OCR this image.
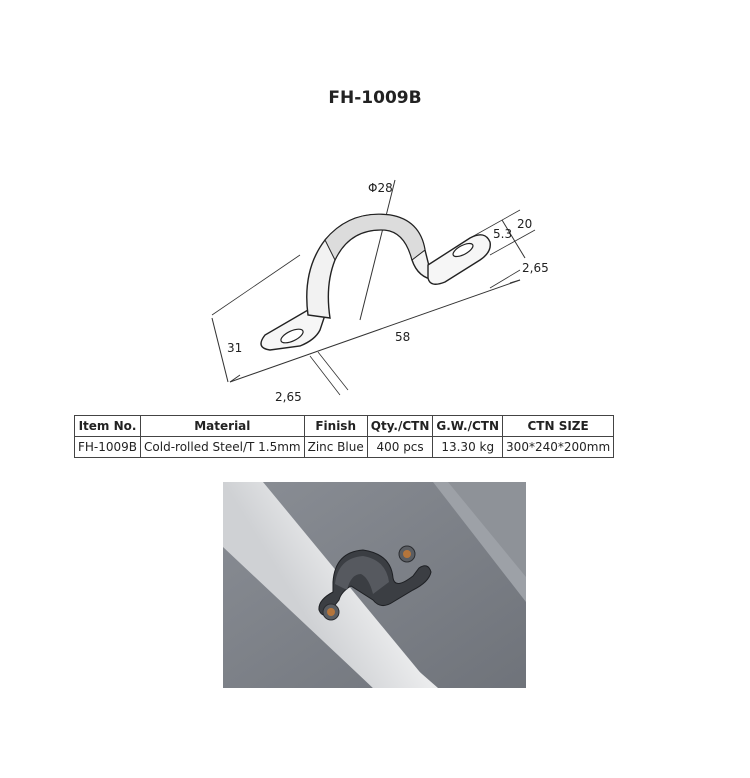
FH-1009B
Φ28
20
5.3
2,65
58
31
2,65
Item No.	Material	Finish	Qty./CTN	G.W./CTN	CTN SIZE
FH-1009B	Cold-rolled Steel/T 1.5mm	Zinc Blue	400 pcs	13.30 kg	300*240*200mm
